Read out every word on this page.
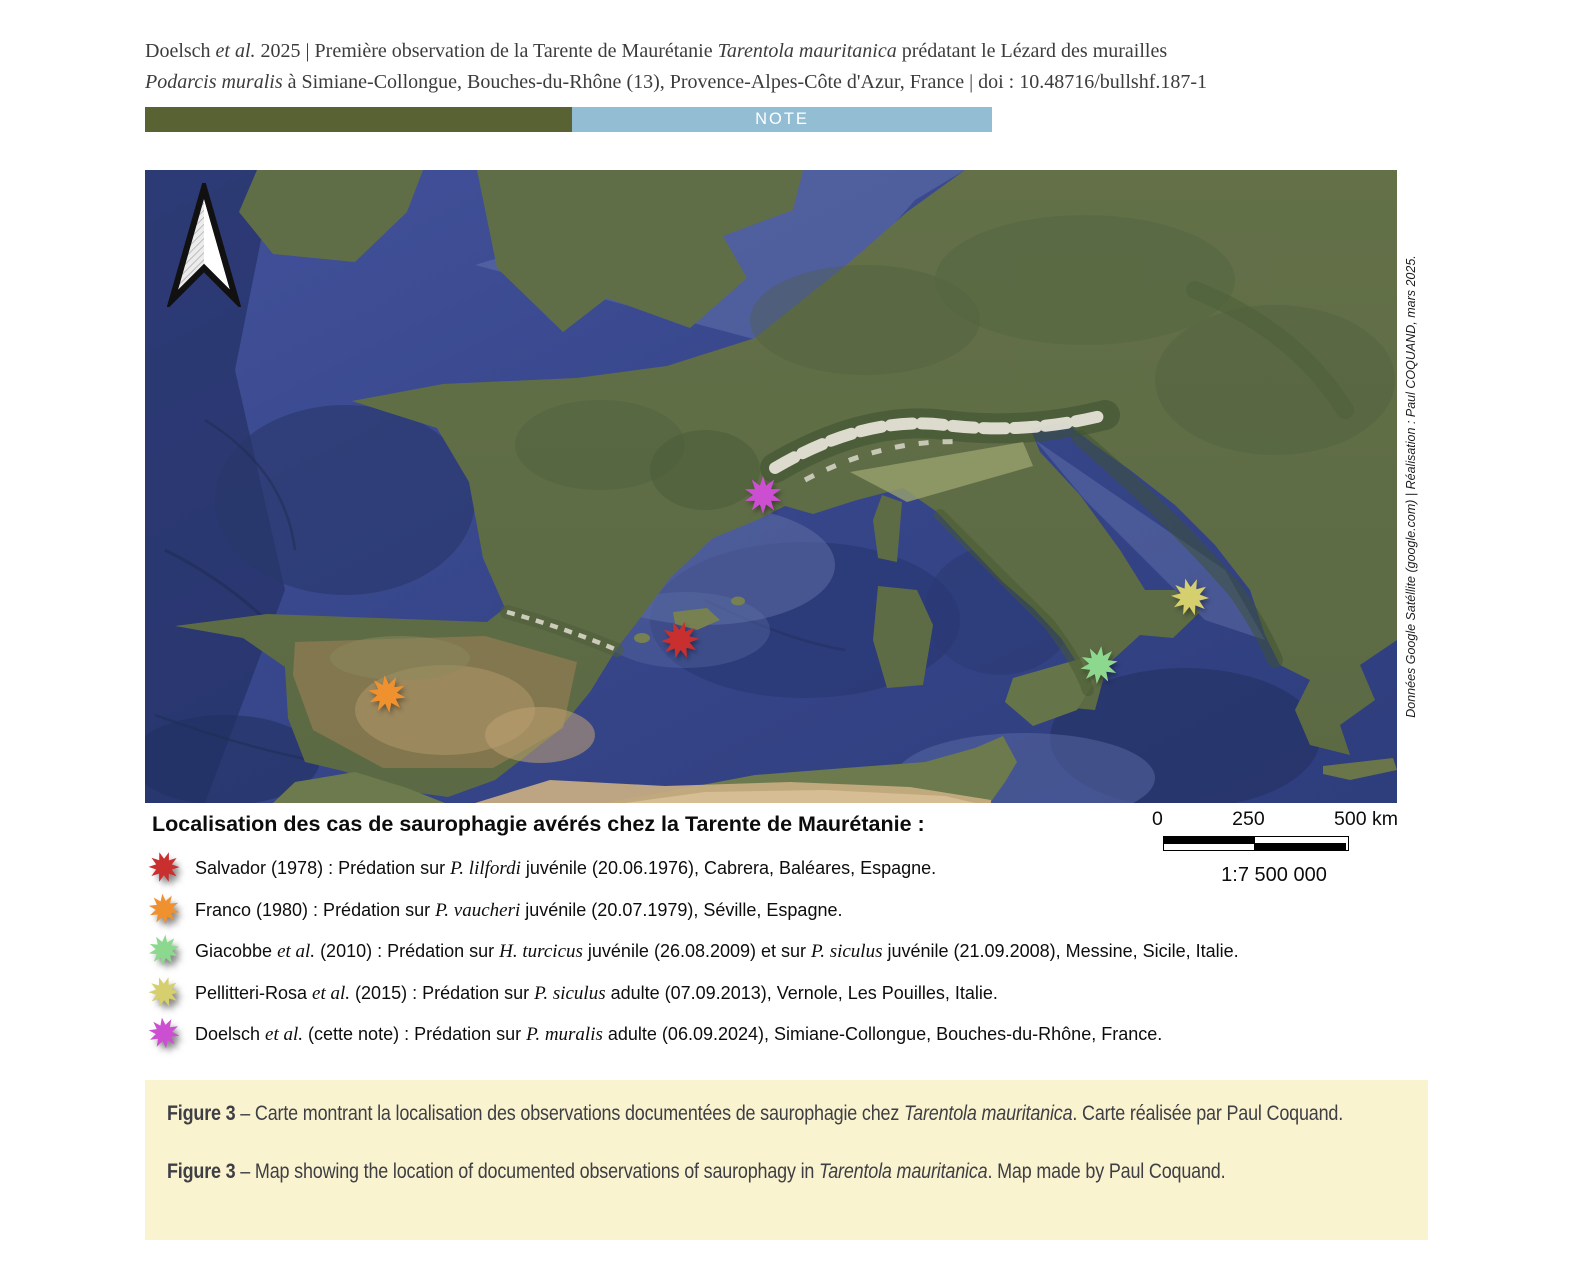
Doelsch et al. 2025 | Première observation de la Tarente de Maurétanie Tarentola mauritanica prédatant le Lézard des murailles
Podarcis muralis à Simiane-Collongue, Bouches-du-Rhône (13), Provence-Alpes-Côte d'Azur, France | doi : 10.48716/bullshf.187-1
NOTE
Données Google Satéllite (google.com) | Réalisation : Paul COQUAND, mars 2025.
Localisation des cas de saurophagie avérés chez la Tarente de Maurétanie :
Salvador (1978) : Prédation sur P. lilfordi juvénile (20.06.1976), Cabrera, Baléares, Espagne.
Franco (1980) : Prédation sur P. vaucheri juvénile (20.07.1979), Séville, Espagne.
Giacobbe et al. (2010) : Prédation sur H. turcicus juvénile (26.08.2009) et sur P. siculus juvénile (21.09.2008), Messine, Sicile, Italie.
Pellitteri-Rosa et al. (2015) : Prédation sur P. siculus adulte (07.09.2013), Vernole, Les Pouilles, Italie.
Doelsch et al. (cette note) : Prédation sur P. muralis adulte (06.09.2024), Simiane-Collongue, Bouches-du-Rhône, France.
0	250	500 km
1:7 500 000
Figure 3 – Carte montrant la localisation des observations documentées de saurophagie chez Tarentola mauritanica. Carte réalisée par Paul Coquand.
Figure 3 – Map showing the location of documented observations of saurophagy in Tarentola mauritanica. Map made by Paul Coquand.
